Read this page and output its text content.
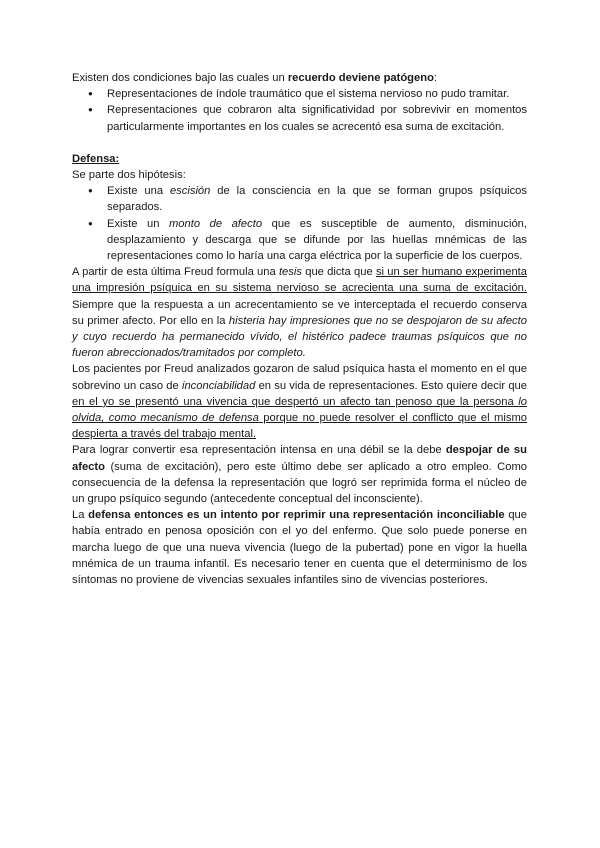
Existen dos condiciones bajo las cuales un recuerdo deviene patógeno:

● Representaciones de índole traumático que el sistema nervioso no pudo tramitar.
● Representaciones que cobraron alta significatividad por sobrevivir en momentos particularmente importantes en los cuales se acrecentó esa suma de excitación.

Defensa:

Se parte dos hipótesis:

● Existe una escisión de la consciencia en la que se forman grupos psíquicos separados.
● Existe un monto de afecto que es susceptible de aumento, disminución, desplazamiento y descarga que se difunde por las huellas mnémicas de las representaciones como lo haría una carga eléctrica por la superficie de los cuerpos.

A partir de esta última Freud formula una tesis que dicta que si un ser humano experimenta una impresión psíquica en su sistema nervioso se acrecienta una suma de excitación. Siempre que la respuesta a un acrecentamiento se ve interceptada el recuerdo conserva su primer afecto. Por ello en la histeria hay impresiones que no se despojaron de su afecto y cuyo recuerdo ha permanecido vívido, el histérico padece traumas psíquicos que no fueron abreccionados/tramitados por completo.

Los pacientes por Freud analizados gozaron de salud psíquica hasta el momento en el que sobrevino un caso de inconciabilidad en su vida de representaciones. Esto quiere decir que en el yo se presentó una vivencia que despertó un afecto tan penoso que la persona lo olvida, como mecanismo de defensa porque no puede resolver el conflicto que el mismo despierta a través del trabajo mental.

Para lograr convertir esa representación intensa en una débil se la debe despojar de su afecto (suma de excitación), pero este último debe ser aplicado a otro empleo. Como consecuencia de la defensa la representación que logró ser reprimida forma el núcleo de un grupo psíquico segundo (antecedente conceptual del inconsciente).

La defensa entonces es un intento por reprimir una representación inconciliable que había entrado en penosa oposición con el yo del enfermo. Que solo puede ponerse en marcha luego de que una nueva vivencia (luego de la pubertad) pone en vigor la huella mnémica de un trauma infantil. Es necesario tener en cuenta que el determinismo de los síntomas no proviene de vivencias sexuales infantiles sino de vivencias posteriores.
